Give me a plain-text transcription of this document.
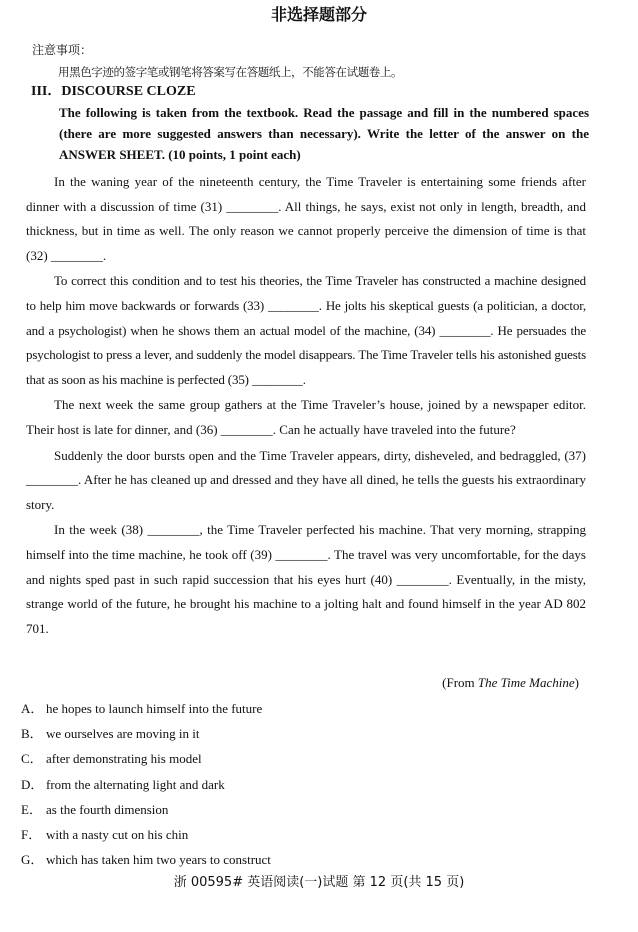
非选择题部分
注意事项：
用黑色字迹的签字笔或钢笔将答案写在答题纸上，不能答在试题卷上。
III．DISCOURSE CLOZE
The following is taken from the textbook. Read the passage and fill in the numbered spaces (there are more suggested answers than necessary). Write the letter of the answer on the ANSWER SHEET. (10 points, 1 point each)

In the waning year of the nineteenth century, the Time Traveler is entertaining some friends after dinner with a discussion of time (31) ________. All things, he says, exist not only in length, breadth, and thickness, but in time as well. The only reason we cannot properly perceive the dimension of time is that (32) ________.

To correct this condition and to test his theories, the Time Traveler has constructed a machine designed to help him move backwards or forwards (33) ________. He jolts his skeptical guests (a politician, a doctor, and a psychologist) when he shows them an actual model of the machine, (34) ________. He persuades the psychologist to press a lever, and suddenly the model disappears. The Time Traveler tells his astonished guests that as soon as his machine is perfected (35) ________.

The next week the same group gathers at the Time Traveler’s house, joined by a newspaper editor. Their host is late for dinner, and (36) ________. Can he actually have traveled into the future?

Suddenly the door bursts open and the Time Traveler appears, dirty, disheveled, and bedraggled, (37) ________. After he has cleaned up and dressed and they have all dined, he tells the guests his extraordinary story.

In the week (38) ________, the Time Traveler perfected his machine. That very morning, strapping himself into the time machine, he took off (39) ________. The travel was very uncomfortable, for the days and nights sped past in such rapid succession that his eyes hurt (40) ________. Eventually, in the misty, strange world of the future, he brought his machine to a jolting halt and found himself in the year AD 802 701.

(From The Time Machine)
A． he hopes to launch himself into the future
B． we ourselves are moving in it
C． after demonstrating his model
D． from the alternating light and dark
E． as the fourth dimension
F． with a nasty cut on his chin
G． which has taken him two years to construct
浙 00595# 英语阅读(一)试题 第 12 页(共 15 页)
